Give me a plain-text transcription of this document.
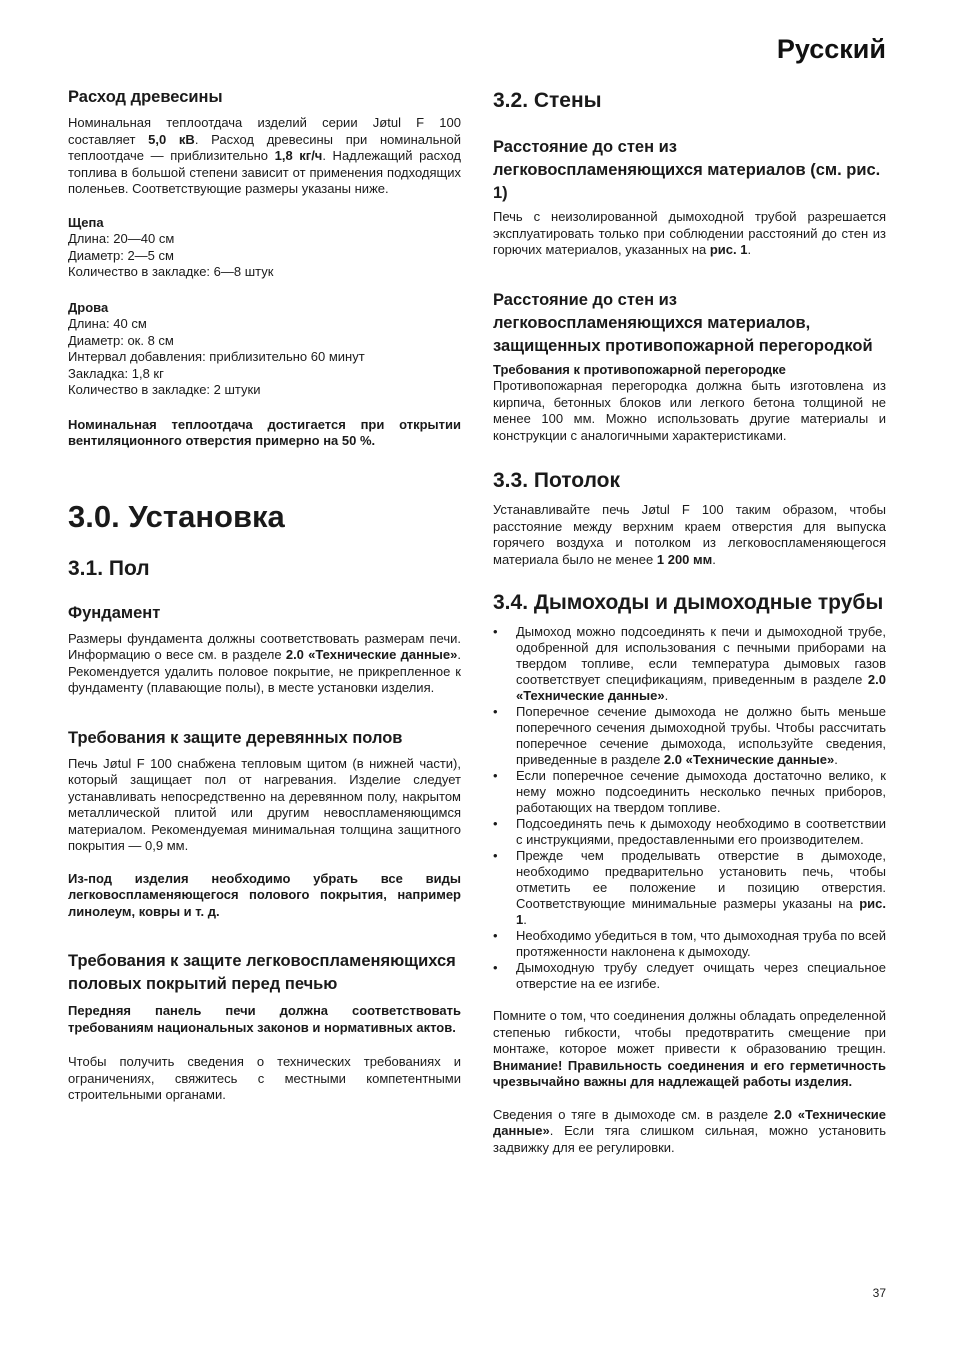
Русский
Расход древесины

Номинальная теплоотдача изделий серии Jøtul F 100 составляет 5,0 кВ. Расход древесины при номинальной теплоотдаче — приблизительно 1,8 кг/ч. Надлежащий расход топлива в большой степени зависит от применения подходящих поленьев. Соответствующие размеры указаны ниже.

Щепа

Длина: 20—40 см
Диаметр: 2—5 см
Количество в закладке: 6—8 штук

Дрова

Длина: 40 см
Диаметр: ок. 8 см
Интервал добавления: приблизительно 60 минут
Закладка: 1,8 кг
Количество в закладке: 2 штуки

Номинальная теплоотдача достигается при открытии вентиляционного отверстия примерно на 50 %.

3.0. Установка
3.1. Пол
Фундамент

Размеры фундамента должны соответствовать размерам печи. Информацию о весе см. в разделе 2.0 «Технические данные». Рекомендуется удалить половое покрытие, не прикрепленное к фундаменту (плавающие полы), в месте установки изделия.

Требования к защите деревянных полов

Печь Jøtul F 100 снабжена тепловым щитом (в нижней части), который защищает пол от нагревания. Изделие следует устанавливать непосредственно на деревянном полу, накрытом металлической плитой или другим невоспламеняющимся материалом. Рекомендуемая минимальная толщина защитного покрытия — 0,9 мм.

Из-под изделия необходимо убрать все виды легковоспламеняющегося полового покрытия, например линолеум, ковры и т. д.

Требования к защите легковоспламеняющихся половых покрытий перед печью

Передняя панель печи должна соответствовать требованиям национальных законов и нормативных актов.

Чтобы получить сведения о технических требованиях и ограничениях, свяжитесь с местными компетентными строительными органами.

3.2. Стены
Расстояние до стен из легковоспламеняющихся материалов (см. рис. 1)

Печь с неизолированной дымоходной трубой разрешается эксплуатировать только при соблюдении расстояний до стен из горючих материалов, указанных на рис. 1.

Расстояние до стен из легковоспламеняющихся материалов, защищенных противопожарной перегородкой

Требования к противопожарной перегородке

Противопожарная перегородка должна быть изготовлена из кирпича, бетонных блоков или легкого бетона толщиной не менее 100 мм. Можно использовать другие материалы и конструкции с аналогичными характеристиками.

3.3. Потолок

Устанавливайте печь Jøtul F 100 таким образом, чтобы расстояние между верхним краем отверстия для выпуска горячего воздуха и потолком из легковоспламеняющегося материала было не менее 1 200 мм.

3.4. Дымоходы и дымоходные трубы
• Дымоход можно подсоединять к печи и дымоходной трубе, одобренной для использования с печными приборами на твердом топливе, если температура дымовых газов соответствует спецификациям, приведенным в разделе 2.0 «Технические данные».
• Поперечное сечение дымохода не должно быть меньше поперечного сечения дымоходной трубы. Чтобы рассчитать поперечное сечение дымохода, используйте сведения, приведенные в разделе 2.0 «Технические данные».
• Если поперечное сечение дымохода достаточно велико, к нему можно подсоединить несколько печных приборов, работающих на твердом топливе.
• Подсоединять печь к дымоходу необходимо в соответствии с инструкциями, предоставленными его производителем.
• Прежде чем проделывать отверстие в дымоходе, необходимо предварительно установить печь, чтобы отметить ее положение и позицию отверстия. Соответствующие минимальные размеры указаны на рис. 1.
• Необходимо убедиться в том, что дымоходная труба по всей протяженности наклонена к дымоходу.
• Дымоходную трубу следует очищать через специальное отверстие на ее изгибе.

Помните о том, что соединения должны обладать определенной степенью гибкости, чтобы предотвратить смещение при монтаже, которое может привести к образованию трещин. Внимание! Правильность соединения и его герметичность чрезвычайно важны для надлежащей работы изделия.

Сведения о тяге в дымоходе см. в разделе 2.0 «Технические данные». Если тяга слишком сильная, можно установить задвижку для ее регулировки.

37
